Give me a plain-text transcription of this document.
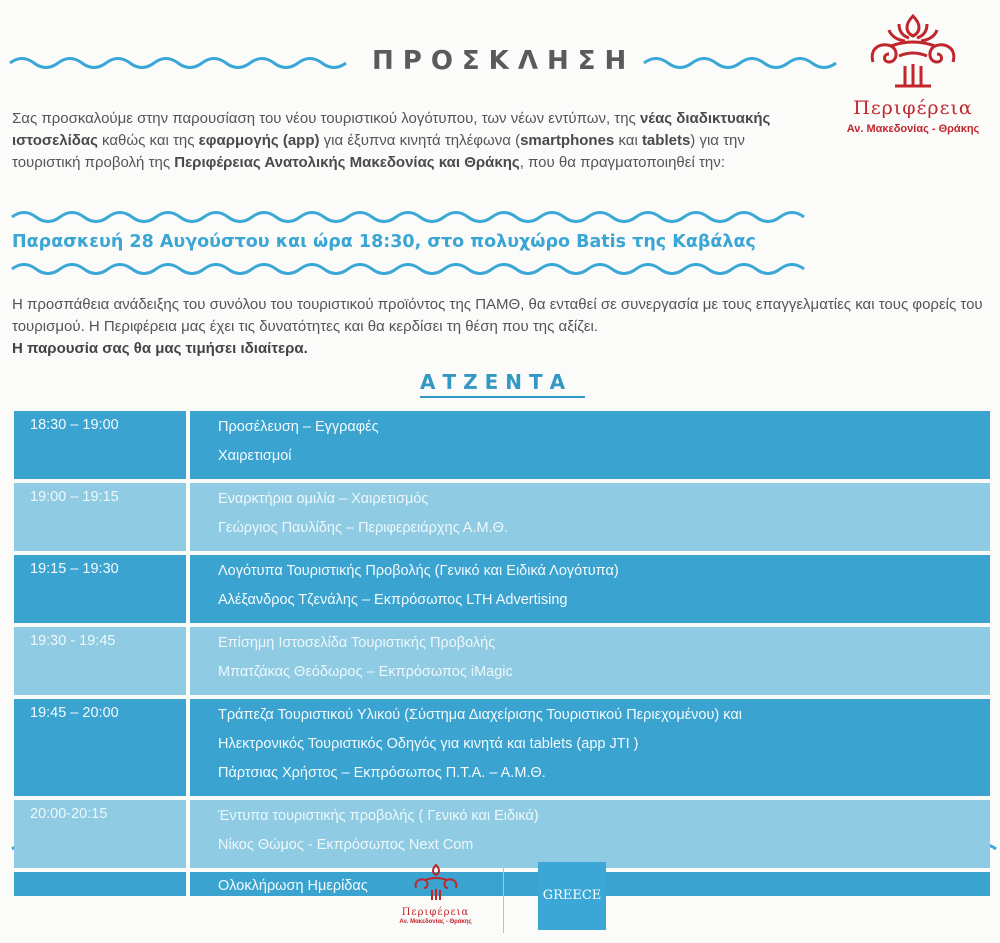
ΠΡΟΣΚΛΗΣΗ
Περιφέρεια
Αν. Μακεδονίας - Θράκης
Σας προσκαλούμε στην παρουσίαση του νέου τουριστικού λογότυπου, των νέων εντύπων, της νέας διαδικτυακής ιστοσελίδας καθώς και της εφαρμογής (app) για έξυπνα κινητά τηλέφωνα (smartphones και tablets) για την τουριστική προβολή της Περιφέρειας Ανατολικής Μακεδονίας και Θράκης, που θα πραγματοποιηθεί την:
Παρασκευή 28 Αυγούστου και ώρα 18:30, στο πολυχώρο Batis της Καβάλας
Η προσπάθεια ανάδειξης του συνόλου του τουριστικού προϊόντος της ΠΑΜΘ, θα ενταθεί σε συνεργασία με τους επαγγελματίες και τους φορείς του τουρισμού. Η Περιφέρεια μας έχει τις δυνατότητες και θα κερδίσει τη θέση που της αξίζει.
Η παρουσία σας θα μας τιμήσει ιδιαίτερα.
ΑΤΖΕΝΤΑ
18:30 – 19:00		Προσέλευση – Εγγραφές
Χαιρετισμοί

19:00 – 19:15		Εναρκτήρια ομιλία – Χαιρετισμός
Γεώργιος Παυλίδης – Περιφερειάρχης Α.Μ.Θ.

19:15 – 19:30		Λογότυπα Τουριστικής Προβολής (Γενικό και Ειδικά Λογότυπα)
Αλέξανδρος Τζενάλης – Εκπρόσωπος LTH Advertising

19:30 - 19:45		Επίσημη Ιστοσελίδα Τουριστικής Προβολής
Μπατζάκας Θεόδωρος – Εκπρόσωπος iMagic

19:45 – 20:00		Τράπεζα Τουριστικού Υλικού (Σύστημα Διαχείρισης Τουριστικού Περιεχομένου) και
Ηλεκτρονικός Τουριστικός Οδηγός για κινητά και tablets (app JTI )
Πάρτσιας Χρήστος – Εκπρόσωπος Π.Τ.Α. – Α.Μ.Θ.

20:00-20:15		Έντυπα τουριστικής προβολής ( Γενικό και Ειδικά)
Νίκος Θώμος - Εκπρόσωπος Next Com

		Ολοκλήρωση Ημερίδας
Περιφέρεια
Αν. Μακεδονίας - Θράκης
GREECE
